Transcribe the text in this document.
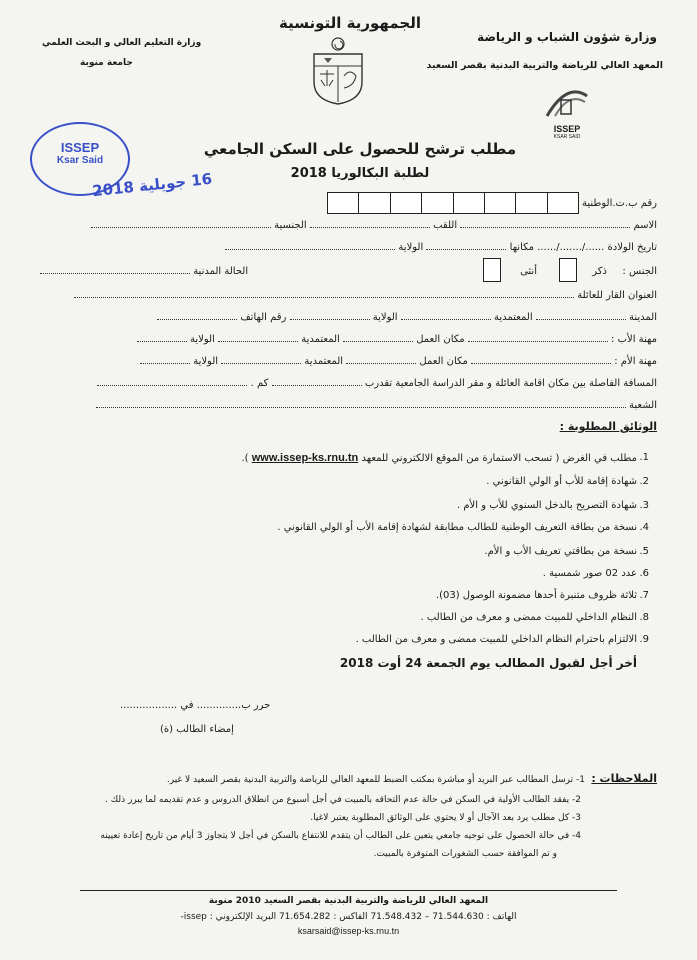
الجمهورية التونسية
وزارة التعليم العالي و البحث العلمي
جامعة منوبة
وزارة شؤون الشباب و الرياضة
المعهد العالي للرياضة والتربية البدنية بقصر السعيد
ISSEP
KSAR SAID
ISSEP
Ksar Said
16 جويلية 2018
مطلب ترشح للحصول على السكن الجامعي
لطلبة البكالوريا 2018
رقم ب.ت.الوطنية
الاسم  اللقب  الجنسية
تاريخ الولادة ....../......./...... مكانها  الولاية
الجنس :
ذكر
أنثى
الحالة المدنية
العنوان القار للعائلة
المدينة  المعتمدية  الولاية  رقم الهاتف
مهنة الأب :  مكان العمل  المعتمدية  الولاية
مهنة الأم :  مكان العمل  المعتمدية  الولاية
المسافة الفاصلة بين مكان اقامة العائلة و مقر الدراسة الجامعية تقدرب  كم .
الشعبة
الوثائق المطلوبة :
1.
مطلب في الغرض ( تسحب الاستمارة من الموقع الالكتروني للمعهد www.issep-ks.rnu.tn ).
2.
شهادة إقامة للأب أو الولي القانوني .
3.
شهادة التصريح بالدخل السنوي للأب و الأم .
4.
نسخة من بطاقة التعريف الوطنية للطالب مطابقة لشهادة إقامة الأب أو الولي القانوني .
5.
نسخة من بطاقتي تعريف الأب و الأم.
6.
عدد 02 صور شمسية .
7.
ثلاثة ظروف متنبرة أحدها مضمونة الوصول (03).
8.
النظام الداخلي للمبيت ممضى و معرف من الطالب .
9.
الالتزام باحترام النظام الداخلي للمبيت ممضى و معرف من الطالب .
أخر أجل لقبول المطالب يوم الجمعة 24 أوت 2018
حرر ب.............. في ..................
إمضاء الطالب (ة)
الملاحظات :
1- ترسل المطالب عبر البريد أو مباشرة بمكتب الضبط للمعهد العالي للرياضة والتربية البدنية بقصر السعيد لا غير.
2- يفقد الطالب الأولية في السكن في حالة عدم التحاقه بالمبيت في أجل أسبوع من انطلاق الدروس و عدم تقديمه لما يبرر ذلك .
3- كل مطلب يرد بعد الآجال أو لا يحتوي على الوثائق المطلوبة يعتبر لاغيا.
4- في حالة الحصول على توجيه جامعي يتعين على الطالب أن يتقدم للانتفاع بالسكن في أجل لا يتجاوز 3 أيام من تاريخ إعادة تعيينه
و تم الموافقة حسب الشغورات المتوفرة بالمبيت.
المعهد العالي للرياضة والتربية البدنية بقصر السعيد 2010 منوبة
الهاتف : 71.544.630 – 71.548.432 الفاكس : 71.654.282 البريد الإلكتروني : issep-
ksarsaid@issep-ks.rnu.tn
